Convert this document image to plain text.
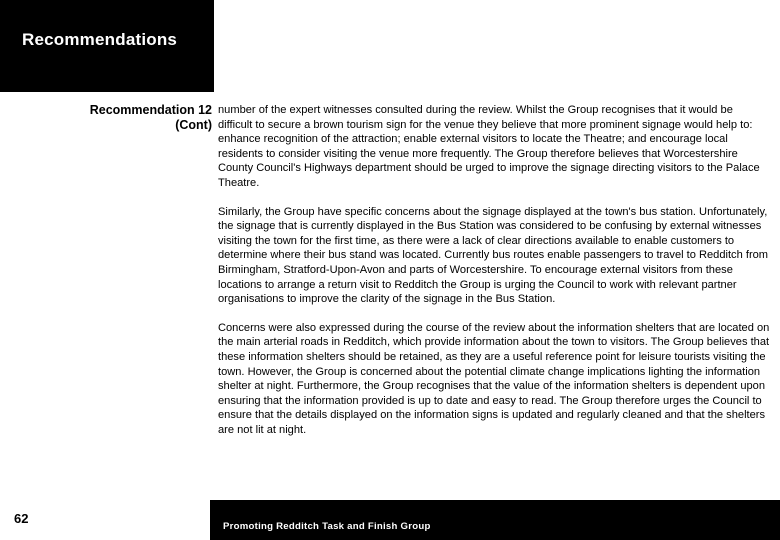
Recommendations
Recommendation 12
(Cont)

number of the expert witnesses consulted during the review. Whilst the Group recognises that it would be difficult to secure a brown tourism sign for the venue they believe that more prominent signage would help to: enhance recognition of the attraction; enable external visitors to locate the Theatre; and encourage local residents to consider visiting the venue more frequently. The Group therefore believes that Worcestershire County Council's Highways department should be urged to improve the signage directing visitors to the Palace Theatre.

Similarly, the Group have specific concerns about the signage displayed at the town's bus station. Unfortunately, the signage that is currently displayed in the Bus Station was considered to be confusing by external witnesses visiting the town for the first time, as there were a lack of clear directions available to enable customers to determine where their bus stand was located. Currently bus routes enable passengers to travel to Redditch from Birmingham, Stratford-Upon-Avon and parts of Worcestershire. To encourage external visitors from these locations to arrange a return visit to Redditch the Group is urging the Council to work with relevant partner organisations to improve the clarity of the signage in the Bus Station.

Concerns were also expressed during the course of the review about the information shelters that are located on the main arterial roads in Redditch, which provide information about the town to visitors. The Group believes that these information shelters should be retained, as they are a useful reference point for leisure tourists visiting the town. However, the Group is concerned about the potential climate change implications lighting the information shelter at night. Furthermore, the Group recognises that the value of the information shelters is dependent upon ensuring that the information provided is up to date and easy to read. The Group therefore urges the Council to ensure that the details displayed on the information signs is updated and regularly cleaned and that the shelters are not lit at night.

62
Promoting Redditch Task and Finish Group
